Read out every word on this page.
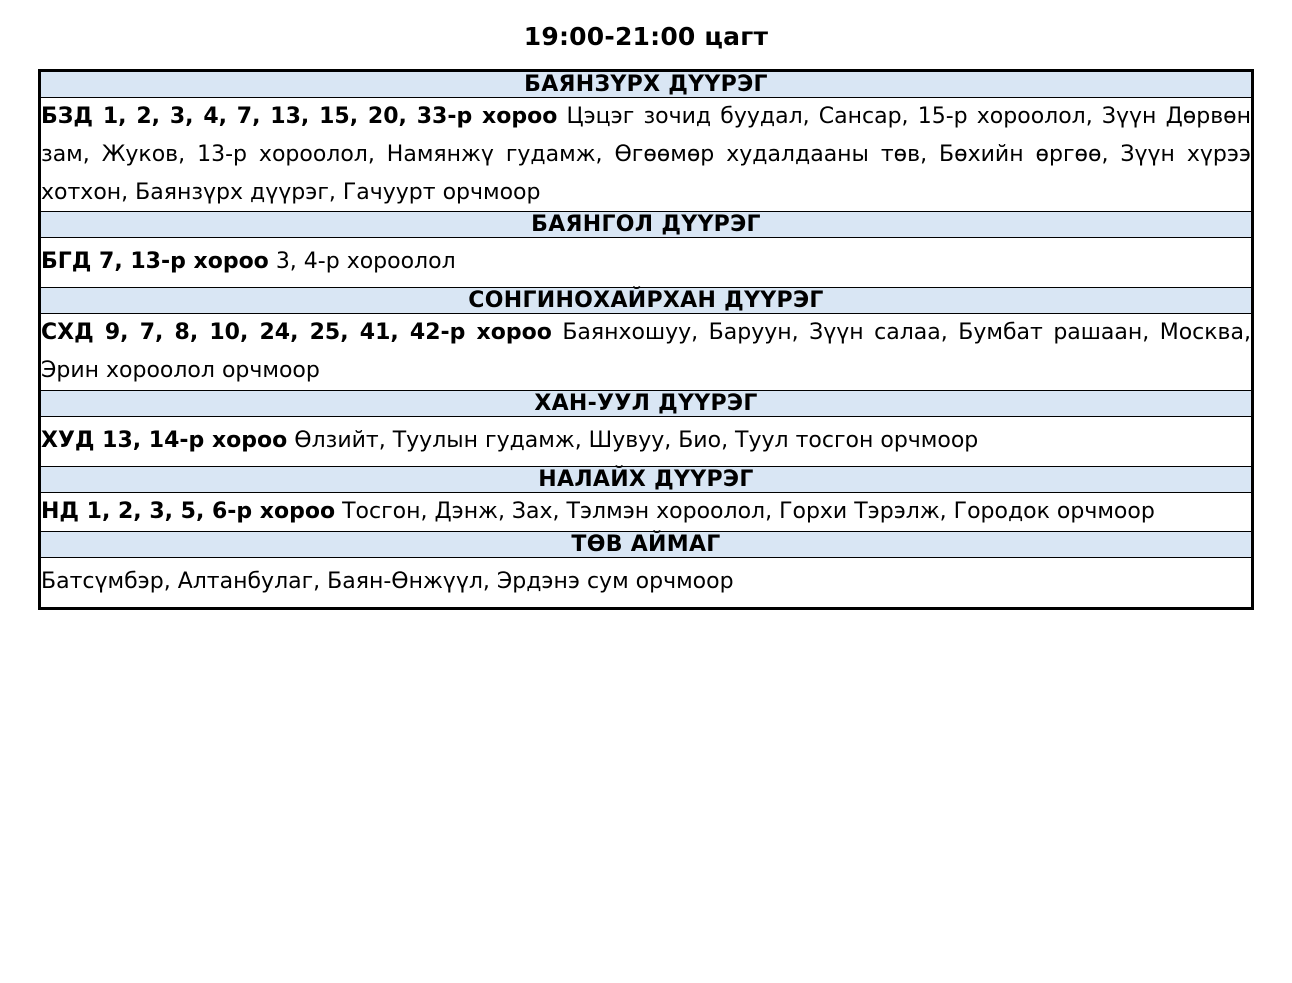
19:00-21:00 цагт
БАЯНЗҮРХ ДҮҮРЭГ
БЗД 1, 2, 3, 4, 7, 13, 15, 20, 33-р хороо Цэцэг зочид буудал, Сансар, 15-р хороолол, Зүүн Дөрвөн зам, Жуков, 13-р хороолол, Намянжү гудамж, Өгөөмөр худалдааны төв, Бөхийн өргөө, Зүүн хүрээ хотхон, Баянзүрх дүүрэг, Гачуурт орчмоор
БАЯНГОЛ ДҮҮРЭГ
БГД 7, 13-р хороо 3, 4-р хороолол
СОНГИНОХАЙРХАН ДҮҮРЭГ
СХД 9, 7, 8, 10, 24, 25, 41, 42-р хороо Баянхошуу, Баруун, Зүүн салаа, Бумбат рашаан, Москва, Эрин хороолол орчмоор
ХАН-УУЛ ДҮҮРЭГ
ХУД 13, 14-р хороо Өлзийт, Туулын гудамж, Шувуу, Био, Туул тосгон орчмоор
НАЛАЙХ ДҮҮРЭГ
НД 1, 2, 3, 5, 6-р хороо Тосгон, Дэнж, Зах, Тэлмэн хороолол, Горхи Тэрэлж, Городок орчмоор
ТӨВ АЙМАГ
Батсүмбэр, Алтанбулаг, Баян-Өнжүүл, Эрдэнэ сум орчмоор
